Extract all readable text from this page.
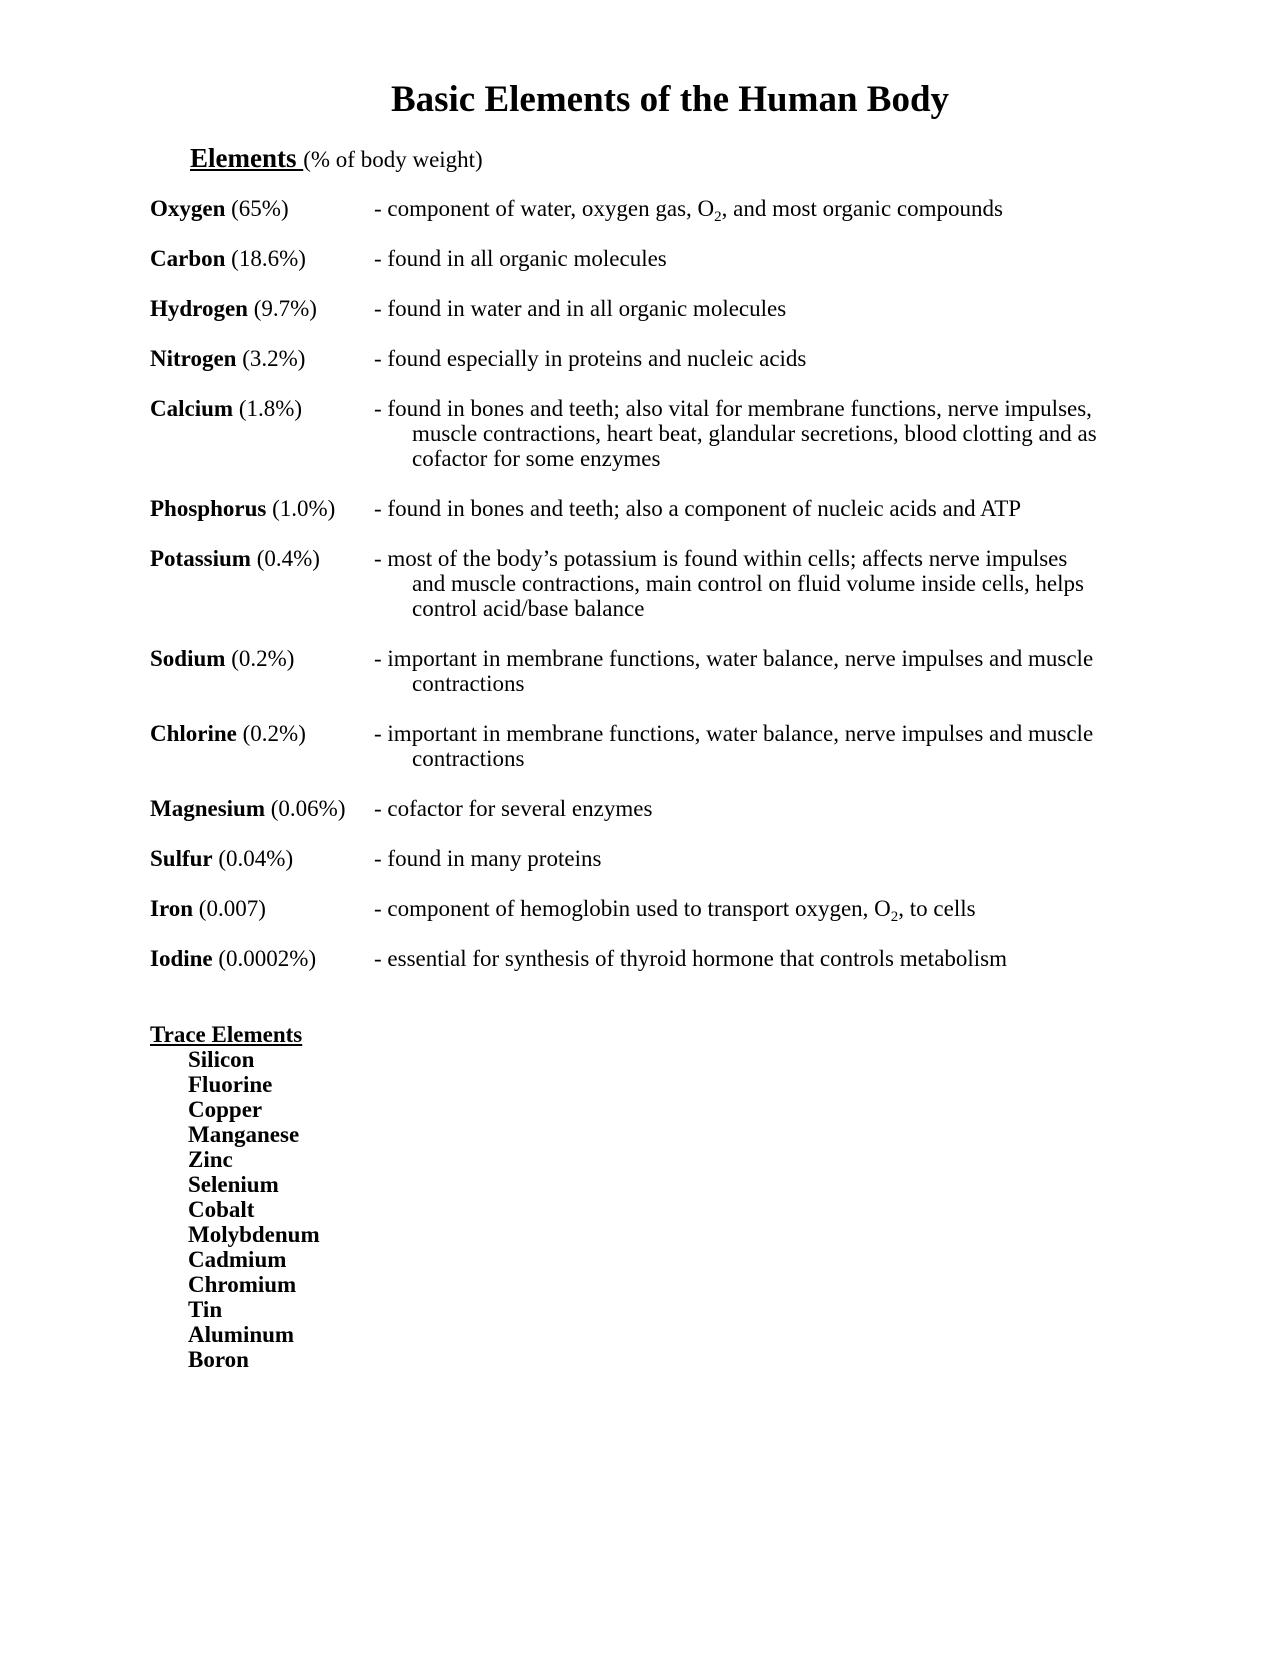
Basic Elements of the Human Body
Elements (% of body weight)
Oxygen (65%)	- component of water, oxygen gas, $O_2$, and most organic compounds
Carbon (18.6%)	- found in all organic molecules
Hydrogen (9.7%) - found in water and in all organic molecules
Nitrogen (3.2%)	- found especially in proteins and nucleic acids
Calcium (1.8%)	- found in bones and teeth; also vital for membrane functions, nerve impulses,
muscle contractions, heart beat, glandular secretions, blood clotting and as
cofactor for some enzymes
Phosphorus (1.0%) - found in bones and teeth; also a component of nucleic acids and ATP
Potassium (0.4%) - most of the body’s potassium is found within cells; affects nerve impulses
and muscle contractions, main control on fluid volume inside cells, helps
control acid/base balance
Sodium (0.2%)	- important in membrane functions, water balance, nerve impulses and muscle
contractions
Chlorine (0.2%)	- important in membrane functions, water balance, nerve impulses and muscle
contractions
Magnesium (0.06%) - cofactor for several enzymes
Sulfur (0.04%)	- found in many proteins
Iron (0.007)	- component of hemoglobin used to transport oxygen, $O_2$, to cells
Iodine (0.0002%)	- essential for synthesis of thyroid hormone that controls metabolism
Trace Elements
Silicon
Fluorine
Copper
Manganese
Zinc
Selenium
Cobalt
Molybdenum
Cadmium
Chromium
Tin
Aluminum
Boron
